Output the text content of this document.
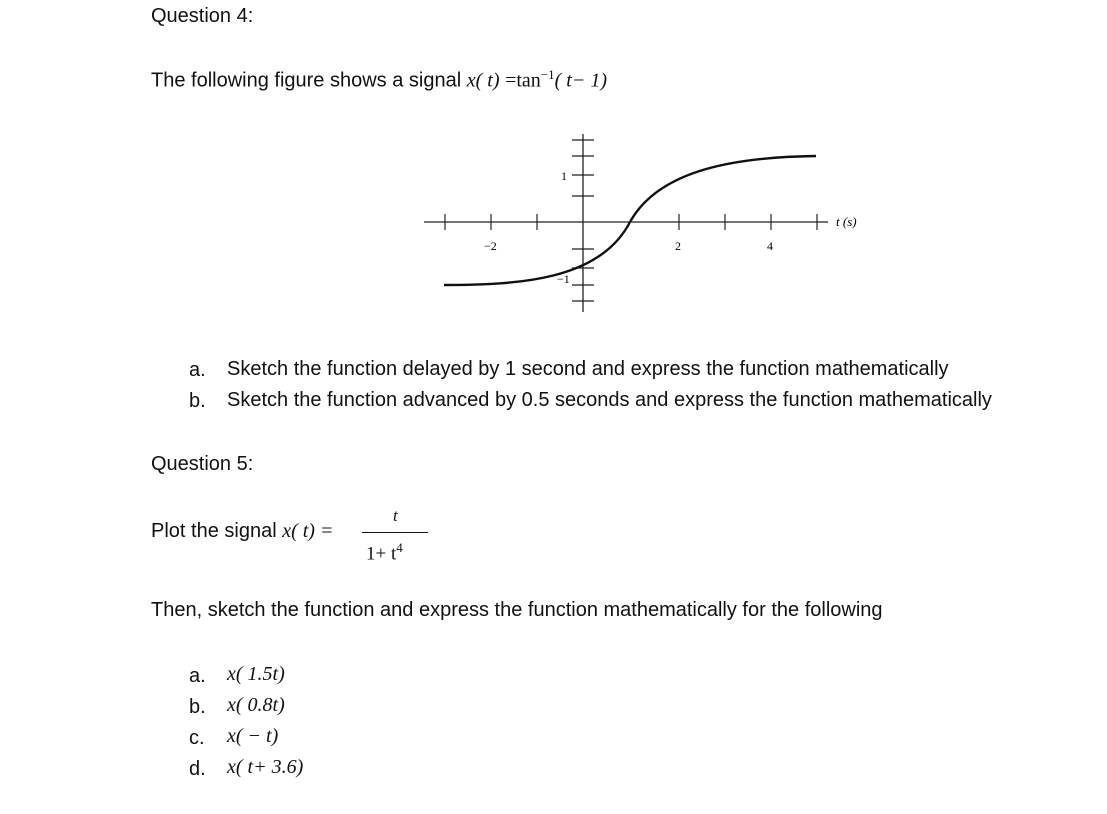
Question 4:
The following figure shows a signal x( $t) =\tan^{-1}$( t− 1)
−2	2	4
1
−1
t (s)
a. Sketch the function delayed by 1 second and express the function mathematically
b. Sketch the function advanced by 0.5 seconds and express the function mathematically
Question 5:
Plot the signal x( t) =
t
$1+ t^4$
Then, sketch the function and express the function mathematically for the following
a. x( 1.5t)
b. x( 0.8t)
c. x( − t)
d. x( t+ 3.6)
